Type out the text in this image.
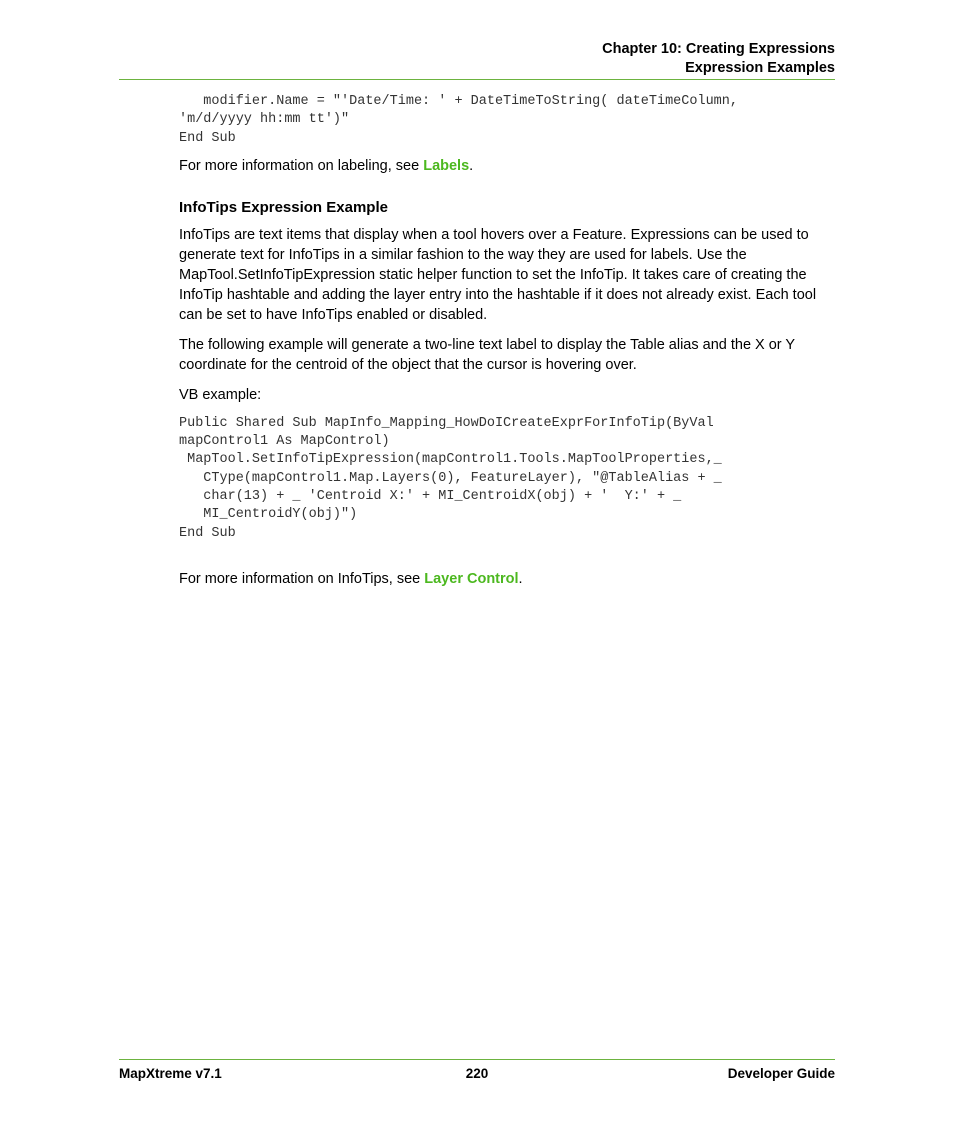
Chapter 10: Creating Expressions
Expression Examples
modifier.Name = "'Date/Time: ' + DateTimeToString( dateTimeColumn,
'm/d/yyyy hh:mm tt')"
End Sub

For more information on labeling, see Labels.

InfoTips Expression Example

InfoTips are text items that display when a tool hovers over a Feature. Expressions can be used to generate text for InfoTips in a similar fashion to the way they are used for labels. Use the MapTool.SetInfoTipExpression static helper function to set the InfoTip. It takes care of creating the InfoTip hashtable and adding the layer entry into the hashtable if it does not already exist. Each tool can be set to have InfoTips enabled or disabled.

The following example will generate a two-line text label to display the Table alias and the X or Y coordinate for the centroid of the object that the cursor is hovering over.

VB example:

Public Shared Sub MapInfo_Mapping_HowDoICreateExprForInfoTip(ByVal
mapControl1 As MapControl)
MapTool.SetInfoTipExpression(mapControl1.Tools.MapToolProperties,_
CType(mapControl1.Map.Layers(0), FeatureLayer), "@TableAlias + _
char(13) + _ 'Centroid X:' + MI_CentroidX(obj) + '  Y:' + _
MI_CentroidY(obj)")
End Sub

For more information on InfoTips, see Layer Control.

MapXtreme v7.1	220	Developer Guide
